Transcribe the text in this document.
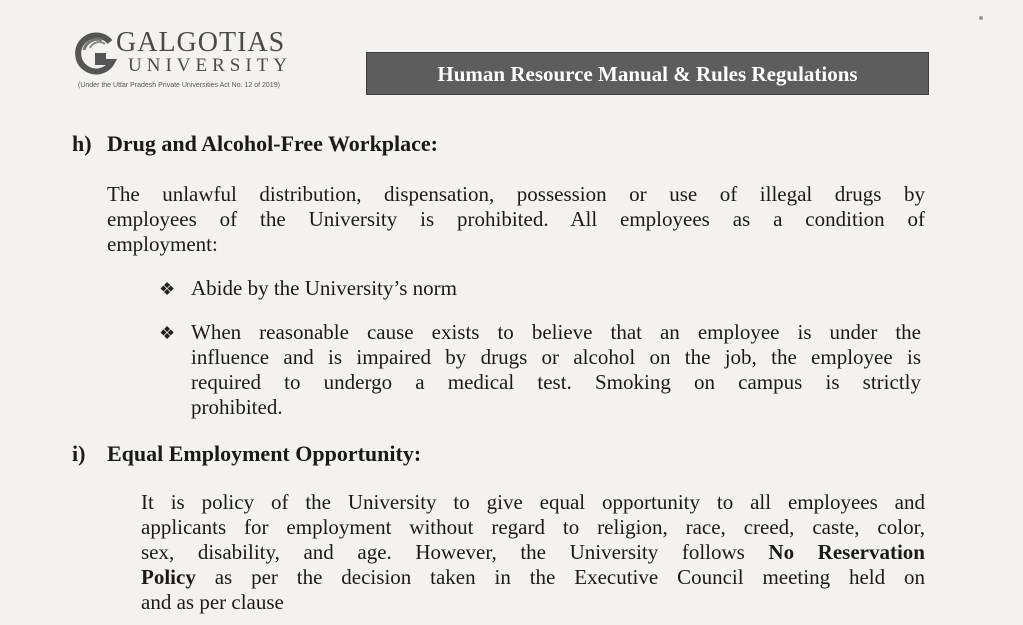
GALGOTIAS
UNIVERSITY
(Under the Uttar Pradesh Private Universities Act No. 12 of 2019)	Human Resource Manual & Rules Regulations
h) Drug and Alcohol-Free Workplace:
The unlawful distribution, dispensation, possession or use of illegal drugs by
employees of the University is prohibited. All employees as a condition of
employment:
❖ Abide by the University’s norm
❖ When reasonable cause exists to believe that an employee is under the
influence and is impaired by drugs or alcohol on the job, the employee is
required to undergo a medical test. Smoking on campus is strictly
prohibited.
i) Equal Employment Opportunity:
It is policy of the University to give equal opportunity to all employees and
applicants for employment without regard to religion, race, creed, caste, color,
sex, disability, and age. However, the University follows No Reservation
Policy as per the decision taken in the Executive Council meeting held on
and as per clause
